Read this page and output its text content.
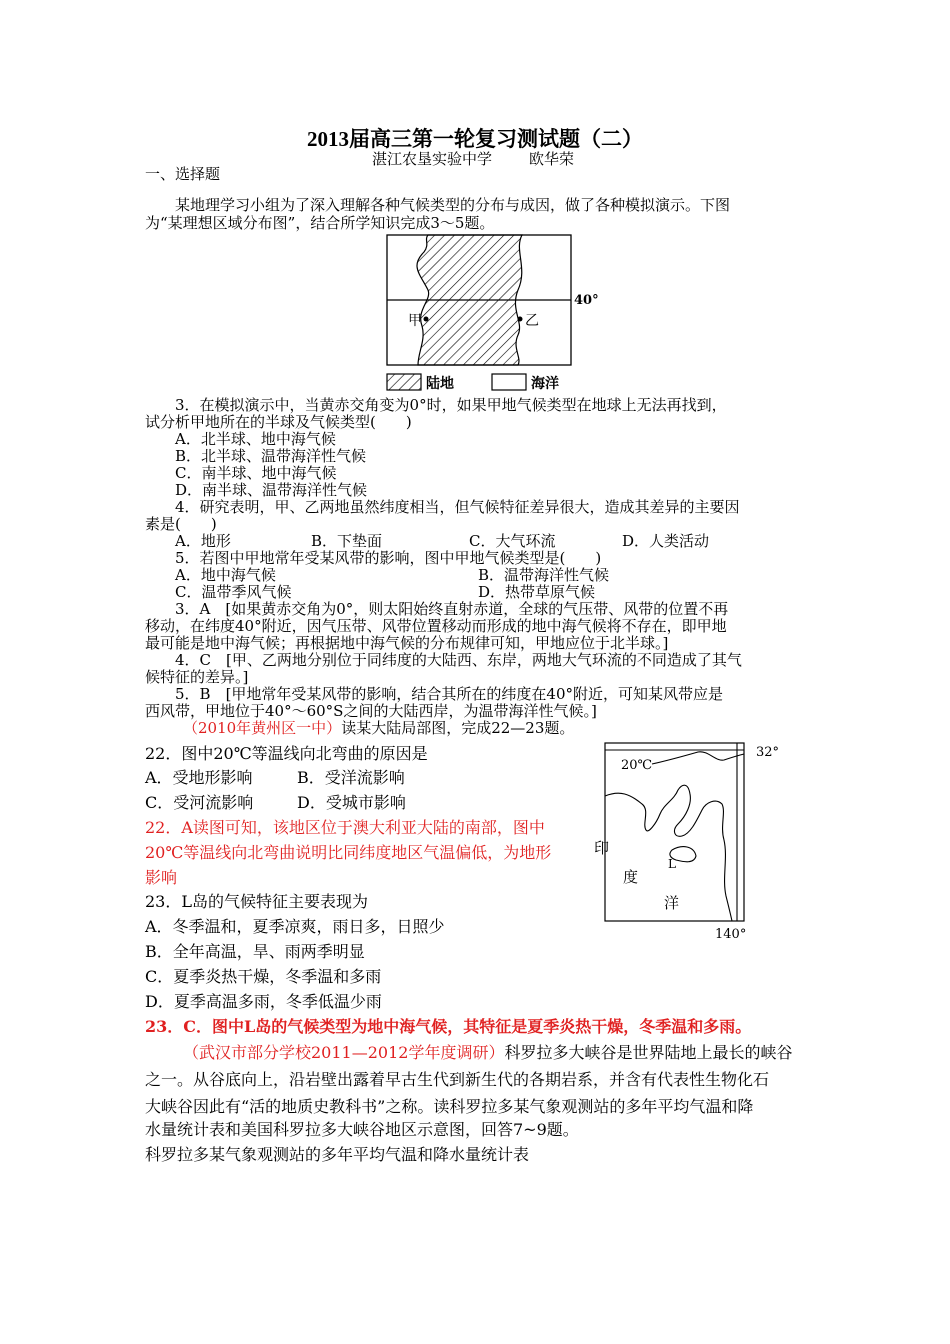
2013届高三第一轮复习测试题（二）
湛江农垦实验中学 欧华荣
一、选择题
某地理学习小组为了深入理解各种气候类型的分布与成因，做了各种模拟演示。下图
为“某理想区域分布图”，结合所学知识完成3～5题。
40°
甲	乙
陆地	海洋
3．在模拟演示中，当黄赤交角变为0°时，如果甲地气候类型在地球上无法再找到，
试分析甲地所在的半球及气候类型(　　)
A．北半球、地中海气候
B．北半球、温带海洋性气候
C．南半球、地中海气候
D．南半球、温带海洋性气候
4．研究表明，甲、乙两地虽然纬度相当，但气候特征差异很大，造成其差异的主要因
素是(　　)
A．地形	B．下垫面	C．大气环流	D．人类活动
5．若图中甲地常年受某风带的影响，图中甲地气候类型是(　　)
A．地中海气候	B．温带海洋性气候
C．温带季风气候	D．热带草原气候
3．A　[如果黄赤交角为0°，则太阳始终直射赤道，全球的气压带、风带的位置不再
移动，在纬度40°附近，因气压带、风带位置移动而形成的地中海气候将不存在，即甲地
最可能是地中海气候；再根据地中海气候的分布规律可知，甲地应位于北半球。]
4．C　[甲、乙两地分别位于同纬度的大陆西、东岸，两地大气环流的不同造成了其气
候特征的差异。]
5．B　[甲地常年受某风带的影响，结合其所在的纬度在40°附近，可知某风带应是
西风带，甲地位于40°～60°S之间的大陆西岸，为温带海洋性气候。]
（2010年黄州区一中）读某大陆局部图，完成22—23题。
22．图中20℃等温线向北弯曲的原因是
A．受地形影响	B．受洋流影响
C．受河流影响	D．受城市影响
22．A读图可知，该地区位于澳大利亚大陆的南部，图中
20℃等温线向北弯曲说明比同纬度地区气温偏低，为地形
影响
32°
140°
20℃
L
印
度
洋
23．L岛的气候特征主要表现为
A．冬季温和，夏季凉爽，雨日多，日照少
B．全年高温，旱、雨两季明显
C．夏季炎热干燥，冬季温和多雨
D．夏季高温多雨，冬季低温少雨
23．C．图中L岛的气候类型为地中海气候，其特征是夏季炎热干燥，冬季温和多雨。
（武汉市部分学校2011—2012学年度调研）科罗拉多大峡谷是世界陆地上最长的峡谷
之一。从谷底向上，沿岩壁出露着早古生代到新生代的各期岩系，并含有代表性生物化石
大峡谷因此有“活的地质史教科书”之称。读科罗拉多某气象观测站的多年平均气温和降
水量统计表和美国科罗拉多大峡谷地区示意图，回答7~9题。
科罗拉多某气象观测站的多年平均气温和降水量统计表
